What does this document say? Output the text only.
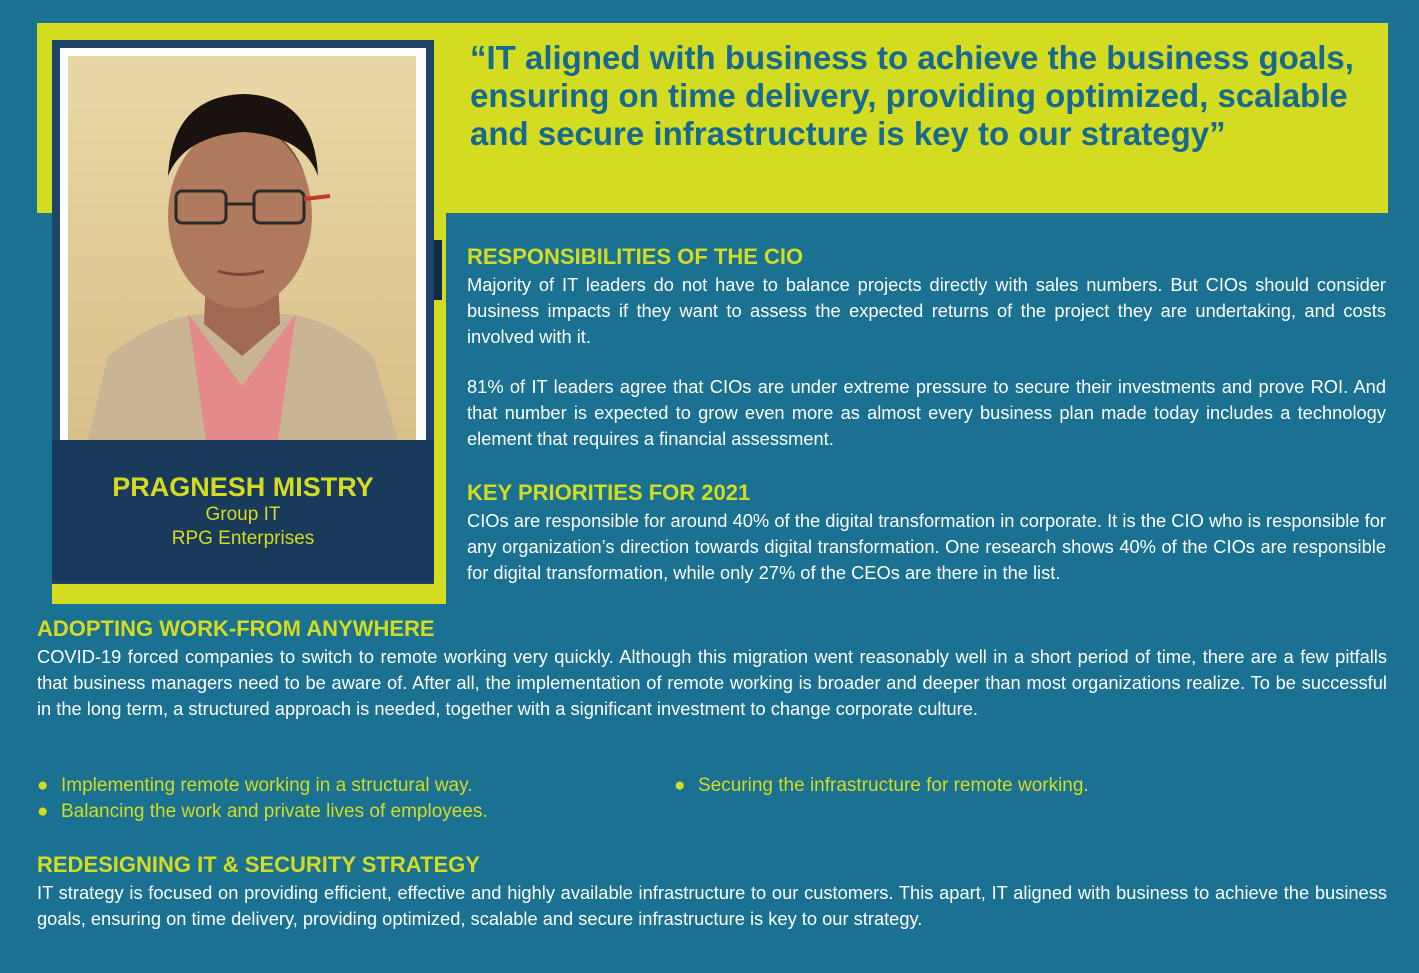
“IT aligned with business to achieve the business goals, ensuring on time delivery, providing optimized, scalable and secure infrastructure is key to our strategy”

PRAGNESH MISTRY
Group IT
RPG Enterprises
RESPONSIBILITIES OF THE CIO

Majority of IT leaders do not have to balance projects directly with sales numbers. But CIOs should consider business impacts if they want to assess the expected returns of the project they are undertaking, and costs involved with it.

81% of IT leaders agree that CIOs are under extreme pressure to secure their investments and prove ROI. And that number is expected to grow even more as almost every business plan made today includes a technology element that requires a financial assessment.

KEY PRIORITIES FOR 2021

CIOs are responsible for around 40% of the digital transformation in corporate. It is the CIO who is responsible for any organization’s direction towards digital transformation. One research shows 40% of the CIOs are responsible for digital transformation, while only 27% of the CEOs are there in the list.

ADOPTING WORK-FROM ANYWHERE

COVID-19 forced companies to switch to remote working very quickly. Although this migration went reasonably well in a short period of time, there are a few pitfalls that business managers need to be aware of. After all, the implementation of remote working is broader and deeper than most organizations realize. To be successful in the long term, a structured approach is needed, together with a significant investment to change corporate culture.

● Implementing remote working in a structural way.
● Balancing the work and private lives of employees.
● Securing the infrastructure for remote working.
REDESIGNING IT & SECURITY STRATEGY

IT strategy is focused on providing efficient, effective and highly available infrastructure to our customers. This apart, IT aligned with business to achieve the business goals, ensuring on time delivery, providing optimized, scalable and secure infrastructure is key to our strategy.
